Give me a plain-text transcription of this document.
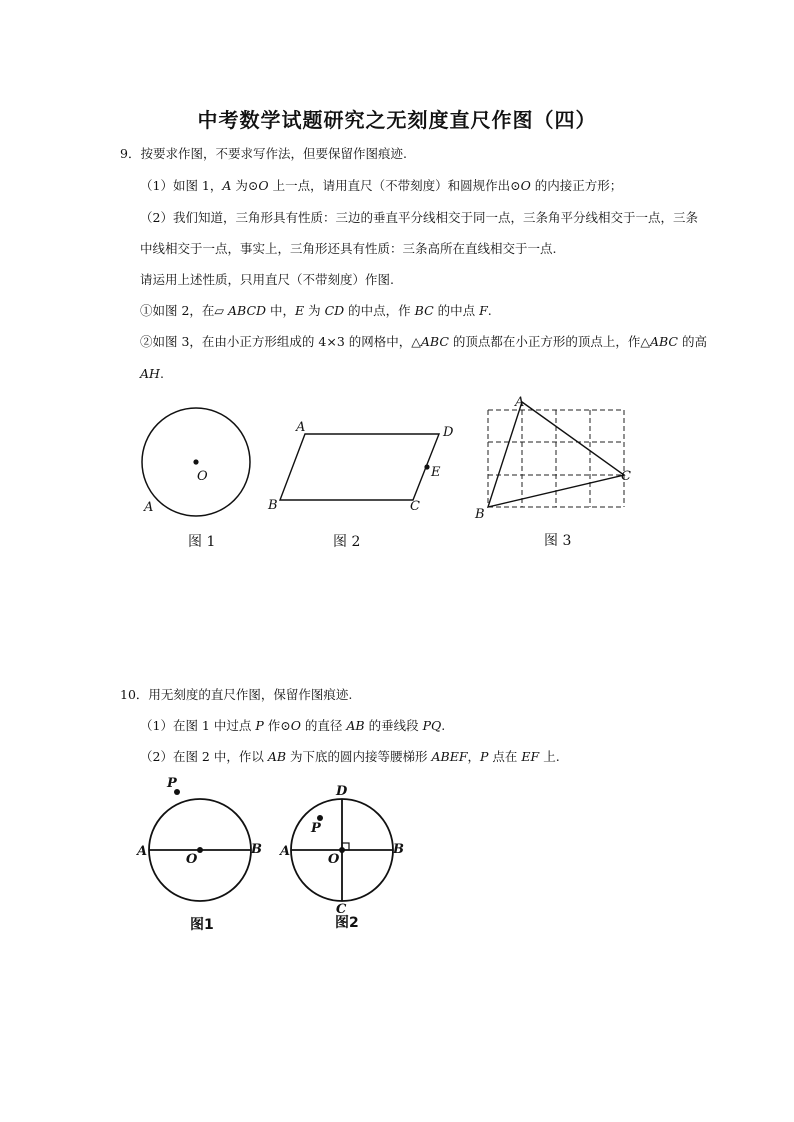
中考数学试题研究之无刻度直尺作图（四）
9．按要求作图，不要求写作法，但要保留作图痕迹.
（1）如图 1，A 为⊙O 上一点，请用直尺（不带刻度）和圆规作出⊙O 的内接正方形；
（2）我们知道，三角形具有性质：三边的垂直平分线相交于同一点，三条角平分线相交于一点，三条
中线相交于一点，事实上，三角形还具有性质：三条高所在直线相交于一点.
请运用上述性质，只用直尺（不带刻度）作图.
①如图 2，在▱ ABCD 中，E 为 CD 的中点，作 BC 的中点 F.
②如图 3，在由小正方形组成的 4×3 的网格中，△ABC 的顶点都在小正方形的顶点上，作△ABC 的高
AH.
O
A
图 1
A	D
E
B	C
图 2
A
C
B
图 3
10．用无刻度的直尺作图，保留作图痕迹.
（1）在图 1 中过点 P 作⊙O 的直径 AB 的垂线段 PQ.
（2）在图 2 中，作以 AB 为下底的圆内接等腰梯形 ABEF，P 点在 EF 上.
P
A
O
B
图1
D
P
A
O
B
C
图2
